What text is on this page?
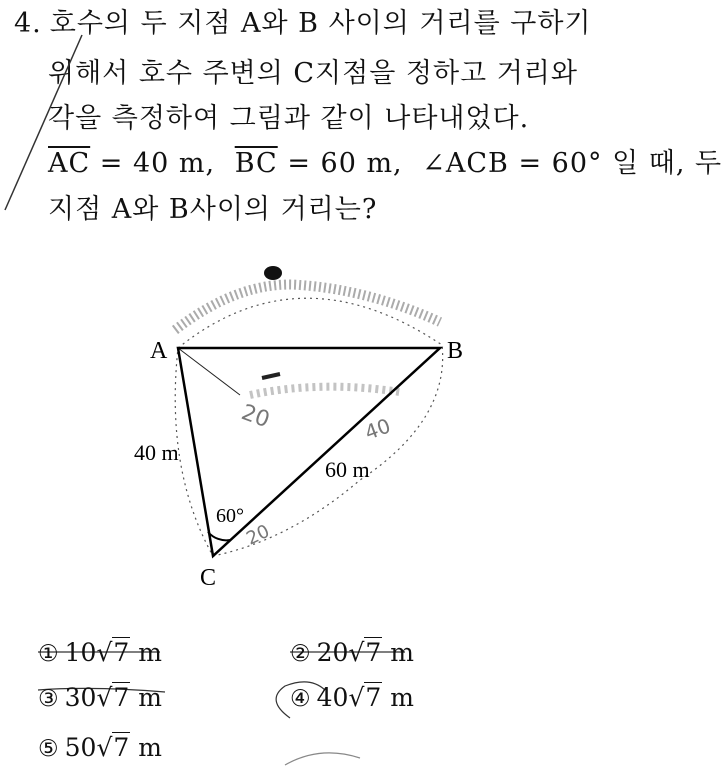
4. 호수의 두 지점 A와 B 사이의 거리를 구하기
위해서 호수 주변의 C지점을 정하고 거리와
각을 측정하여 그림과 같이 나타내었다.
$\overline{AC} = 40$ m, $\overline{BC} = 60$ m, ∠ACB = 60° 일 때, 두
지점 A와 B사이의 거리는?
20	40
20
A	B
C
40 m
60 m
60°
① 10√7 m	② 20√7 m
③ 30√7 m	④ 40√7 m
⑤ 50√7 m
